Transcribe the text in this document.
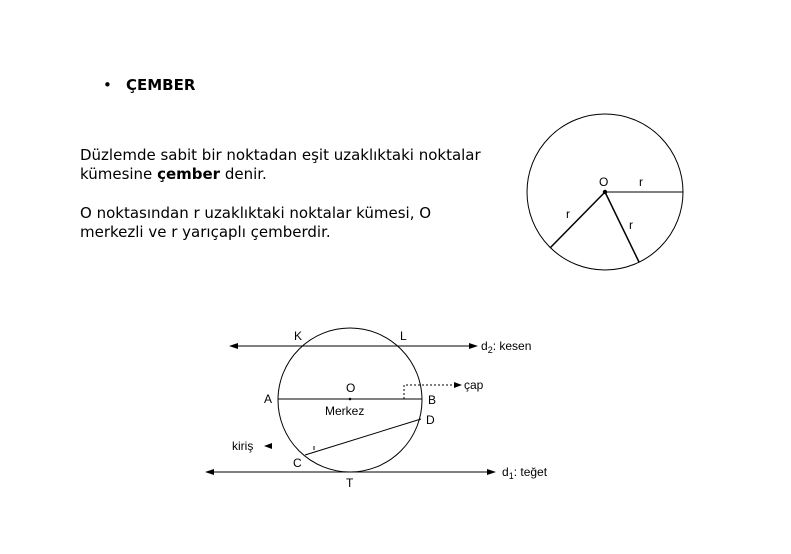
• ÇEMBER

Düzlemde sabit bir noktadan eşit uzaklıktaki noktalar
kümesine çember denir.

O noktasından r uzaklıktaki noktalar kümesi, O
merkezli ve r yarıçaplı çemberdir.

O	r
r
r
K	L
A
O
B
D
C
T
Merkez
$d_2$: kesen
$d_1$: teğet
çap
kiriş
